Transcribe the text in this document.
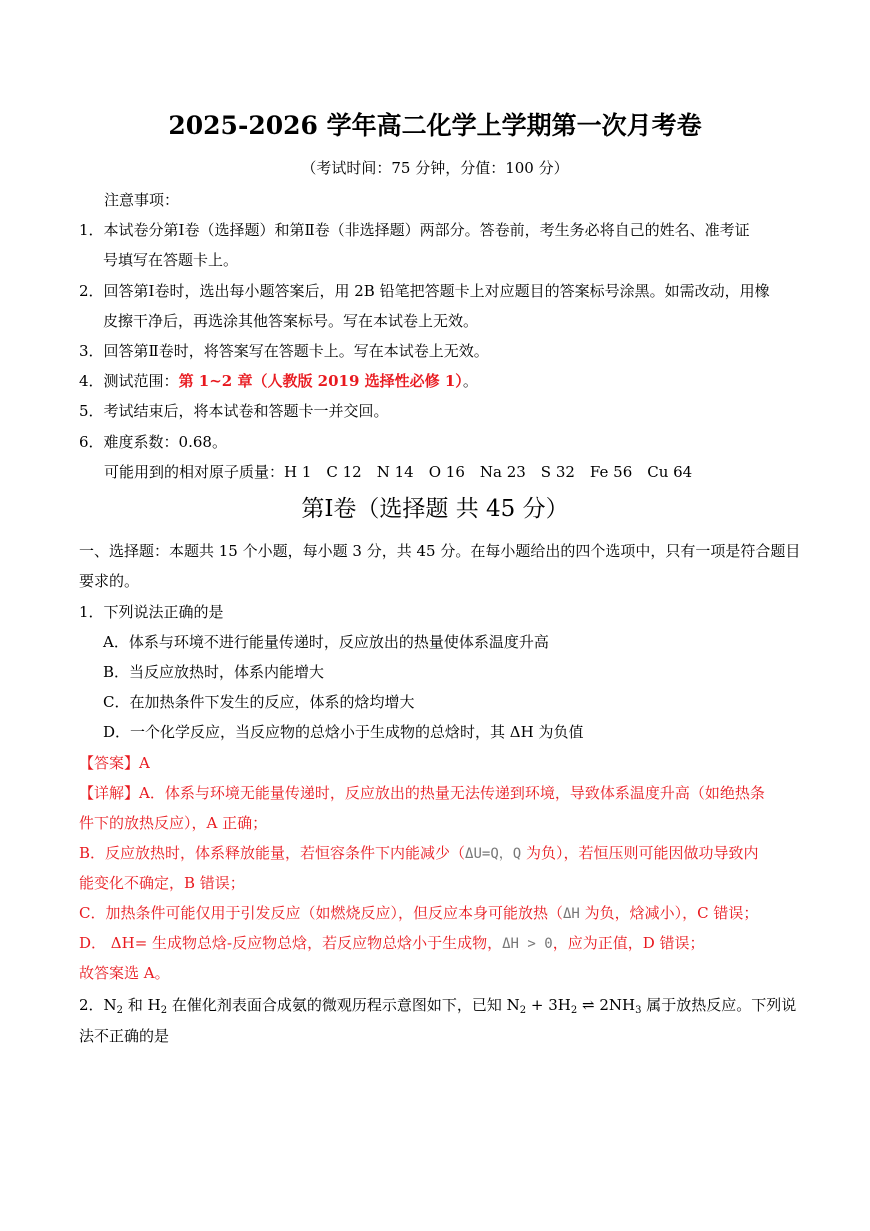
2025-2026 学年高二化学上学期第一次月考卷
（考试时间：75 分钟，分值：100 分）
注意事项：
1．本试卷分第Ⅰ卷（选择题）和第Ⅱ卷（非选择题）两部分。答卷前，考生务必将自己的姓名、准考证
号填写在答题卡上。
2．回答第Ⅰ卷时，选出每小题答案后，用 2B 铅笔把答题卡上对应题目的答案标号涂黑。如需改动，用橡
皮擦干净后，再选涂其他答案标号。写在本试卷上无效。
3．回答第Ⅱ卷时，将答案写在答题卡上。写在本试卷上无效。
4．测试范围：第 1~2 章（人教版 2019 选择性必修 1）。
5．考试结束后，将本试卷和答题卡一并交回。
6．难度系数：0.68。
可能用到的相对原子质量：H 1　C 12　N 14　O 16　Na 23　S 32　Fe 56　Cu 64
第Ⅰ卷（选择题 共 45 分）
一、选择题：本题共 15 个小题，每小题 3 分，共 45 分。在每小题给出的四个选项中，只有一项是符合题目
要求的。
1．下列说法正确的是
A．体系与环境不进行能量传递时，反应放出的热量使体系温度升高
B．当反应放热时，体系内能增大
C．在加热条件下发生的反应，体系的焓均增大
D．一个化学反应，当反应物的总焓小于生成物的总焓时，其 ΔH 为负值
【答案】A
【详解】A．体系与环境无能量传递时，反应放出的热量无法传递到环境，导致体系温度升高（如绝热条
件下的放热反应），A 正确；
B．反应放热时，体系释放能量，若恒容条件下内能减少（ΔU=Q，Q 为负），若恒压则可能因做功导致内
能变化不确定，B 错误；
C．加热条件可能仅用于引发反应（如燃烧反应），但反应本身可能放热（ΔH 为负，焓减小），C 错误；
D． ΔH= 生成物总焓-反应物总焓，若反应物总焓小于生成物，ΔH > 0，应为正值，D 错误；
故答案选 A。
2．$N_2$ 和 $H_2$ 在催化剂表面合成氨的微观历程示意图如下，已知 $N_2 + 3H_2$ ⇌ $2NH_3$ 属于放热反应。下列说
法不正确的是
